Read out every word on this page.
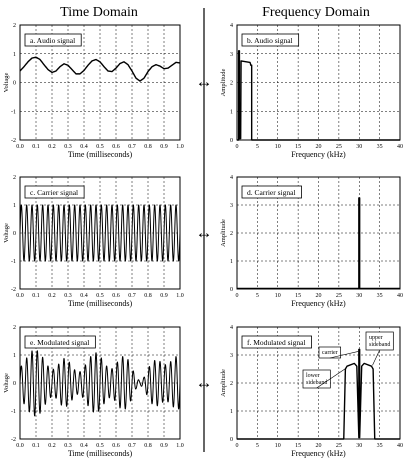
Time Domain	Frequency Domain
0.0 0.1 0.2 0.3 0.4 0.5 0.6 0.7 0.8 0.9 1.0
-2
-1
0
1
2
Time (milliseconds)
Voltage
a. Audio signal
0	5	10 15 20 25 30 35 40
0
1
2
3
4
Frequency (kHz)
Amplitude
b. Audio signal
0.0 0.1 0.2 0.3 0.4 0.5 0.6 0.7 0.8 0.9 1.0
-2
-1
0
1
2
Time (milliseconds)
Voltage
c. Carrier signal
0	5	10 15 20 25 30 35 40
0
1
2
3
4
Frequency (kHz)
Amplitude
d. Carrier signal
0.0 0.1 0.2 0.3 0.4 0.5 0.6 0.7 0.8 0.9 1.0
-2
-1
0
1
2
Time (milliseconds)
Voltage
e. Modulated signal
0	5	10 15 20 25 30 35 40
0
1
2
3
4
Frequency (kHz)
Amplitude
f. Modulated signal
carrier
upper
sideband
lower
sideband
↔
↔
↔
